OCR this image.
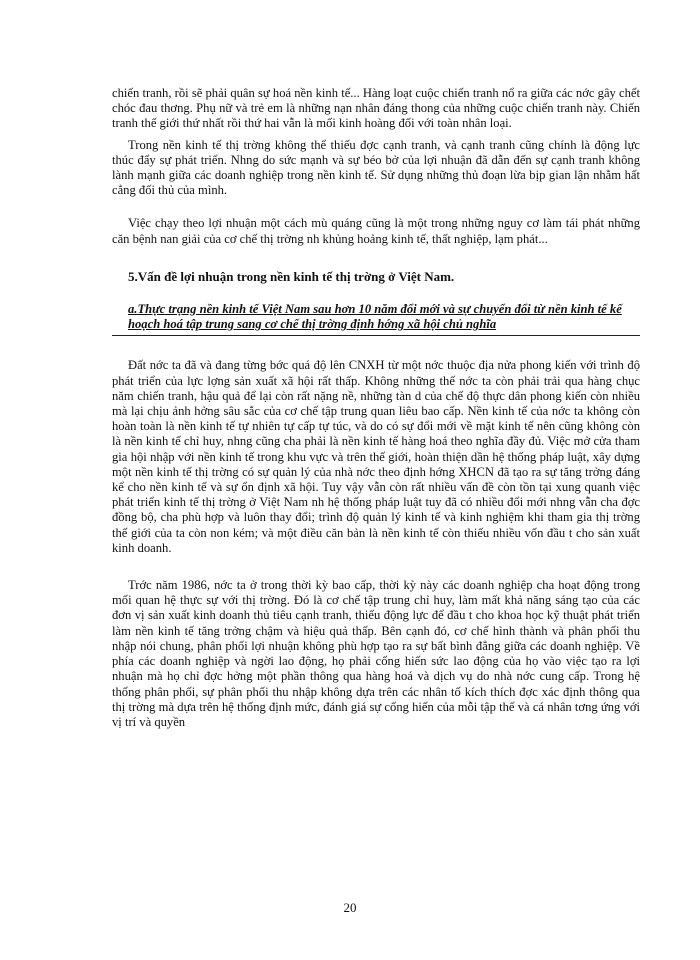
chiến tranh, rồi sẽ phải quân sự hoá nền kinh tế... Hàng loạt cuộc chiến tranh nổ ra giữa các nớc gây chết chóc đau thơng. Phụ nữ và trẻ em là những nạn nhân đáng thong của những cuộc chiến tranh này. Chiến tranh thế giới thứ nhất rồi thứ hai vẫn là mối kinh hoàng đối với toàn nhân loại.

Trong nền kinh tế thị trờng không thể thiếu đợc cạnh tranh, và cạnh tranh cũng chính là động lực thúc đẩy sự phát triển. Nhng do sức mạnh và sự béo bở của lợi nhuận đã dẫn đến sự cạnh tranh không lành mạnh giữa các doanh nghiệp trong nền kinh tế. Sử dụng những thủ đoạn lừa bịp gian lận nhằm hất cẳng đối thủ của mình.

Việc chạy theo lợi nhuận một cách mù quáng cũng là một trong những nguy cơ làm tái phát những căn bệnh nan giải của cơ chế thị trờng nh khủng hoảng kinh tế, thất nghiệp, lạm phát...

5.Vấn đề lợi nhuận trong nền kinh tế thị trờng ở Việt Nam.

a.Thực trạng nền kinh tế Việt Nam sau hơn 10 năm đổi mới và sự chuyển đổi từ nền kinh tế kế hoạch hoá tập trung sang cơ chế thị trờng định hớng xã hội chủ nghĩa

Đất nớc ta đã và đang từng bớc quá độ lên CNXH từ một nớc thuộc địa nửa phong kiến với trình độ phát triển của lực lợng sản xuất xã hội rất thấp. Không những thế nớc ta còn phải trải qua hàng chục năm chiến tranh, hậu quả để lại còn rất nặng nề, những tàn d của chế độ thực dân phong kiến còn nhiều mà lại chịu ảnh hởng sâu sắc của cơ chế tập trung quan liêu bao cấp. Nền kinh tế của nớc ta không còn hoàn toàn là nền kinh tế tự nhiên tự cấp tự túc, và do có sự đổi mới về mặt kinh tế nên cũng không còn là nền kinh tế chỉ huy, nhng cũng cha phải là nền kinh tế hàng hoá theo nghĩa đầy đủ. Việc mở cửa tham gia hội nhập với nền kinh tế trong khu vực và trên thế giới, hoàn thiện dần hệ thống pháp luật, xây dựng một nền kinh tế thị trờng có sự quản lý của nhà nớc theo định hớng XHCN đã tạo ra sự tăng trởng đáng kể cho nền kinh tế và sự ổn định xã hội. Tuy vậy vẫn còn rất nhiều vấn đề còn tồn tại xung quanh việc phát triển kinh tế thị trờng ở Việt Nam nh hệ thống pháp luật tuy đã có nhiều đổi mới nhng vẫn cha đợc đồng bộ, cha phù hợp và luôn thay đổi; trình độ quản lý kinh tế và kinh nghiệm khi tham gia thị trờng thế giới của ta còn non kém; và một điều căn bản là nền kinh tế còn thiếu nhiều vốn đầu t cho sản xuất kinh doanh.

Trớc năm 1986, nớc ta ở trong thời kỳ bao cấp, thời kỳ này các doanh nghiệp cha hoạt động trong mối quan hệ thực sự với thị trờng. Đó là cơ chế tập trung chỉ huy, làm mất khả năng sáng tạo của các đơn vị sản xuất kinh doanh thủ tiêu cạnh tranh, thiếu động lực để đầu t cho khoa học kỹ thuật phát triển làm nền kinh tế tăng trởng chậm và hiệu quả thấp. Bên cạnh đó, cơ chế hình thành và phân phối thu nhập nói chung, phân phối lợi nhuận không phù hợp tạo ra sự bất bình đẳng giữa các doanh nghiệp. Về phía các doanh nghiệp và ngời lao động, họ phải cống hiến sức lao động của họ vào việc tạo ra lợi nhuận mà họ chỉ đợc hởng một phần thông qua hàng hoá và dịch vụ do nhà nớc cung cấp. Trong hệ thống phân phối, sự phân phối thu nhập không dựa trên các nhân tố kích thích đợc xác định thông qua thị trờng mà dựa trên hệ thống định mức, đánh giá sự cống hiến của mỗi tập thể và cá nhân tơng ứng với vị trí và quyền

20
